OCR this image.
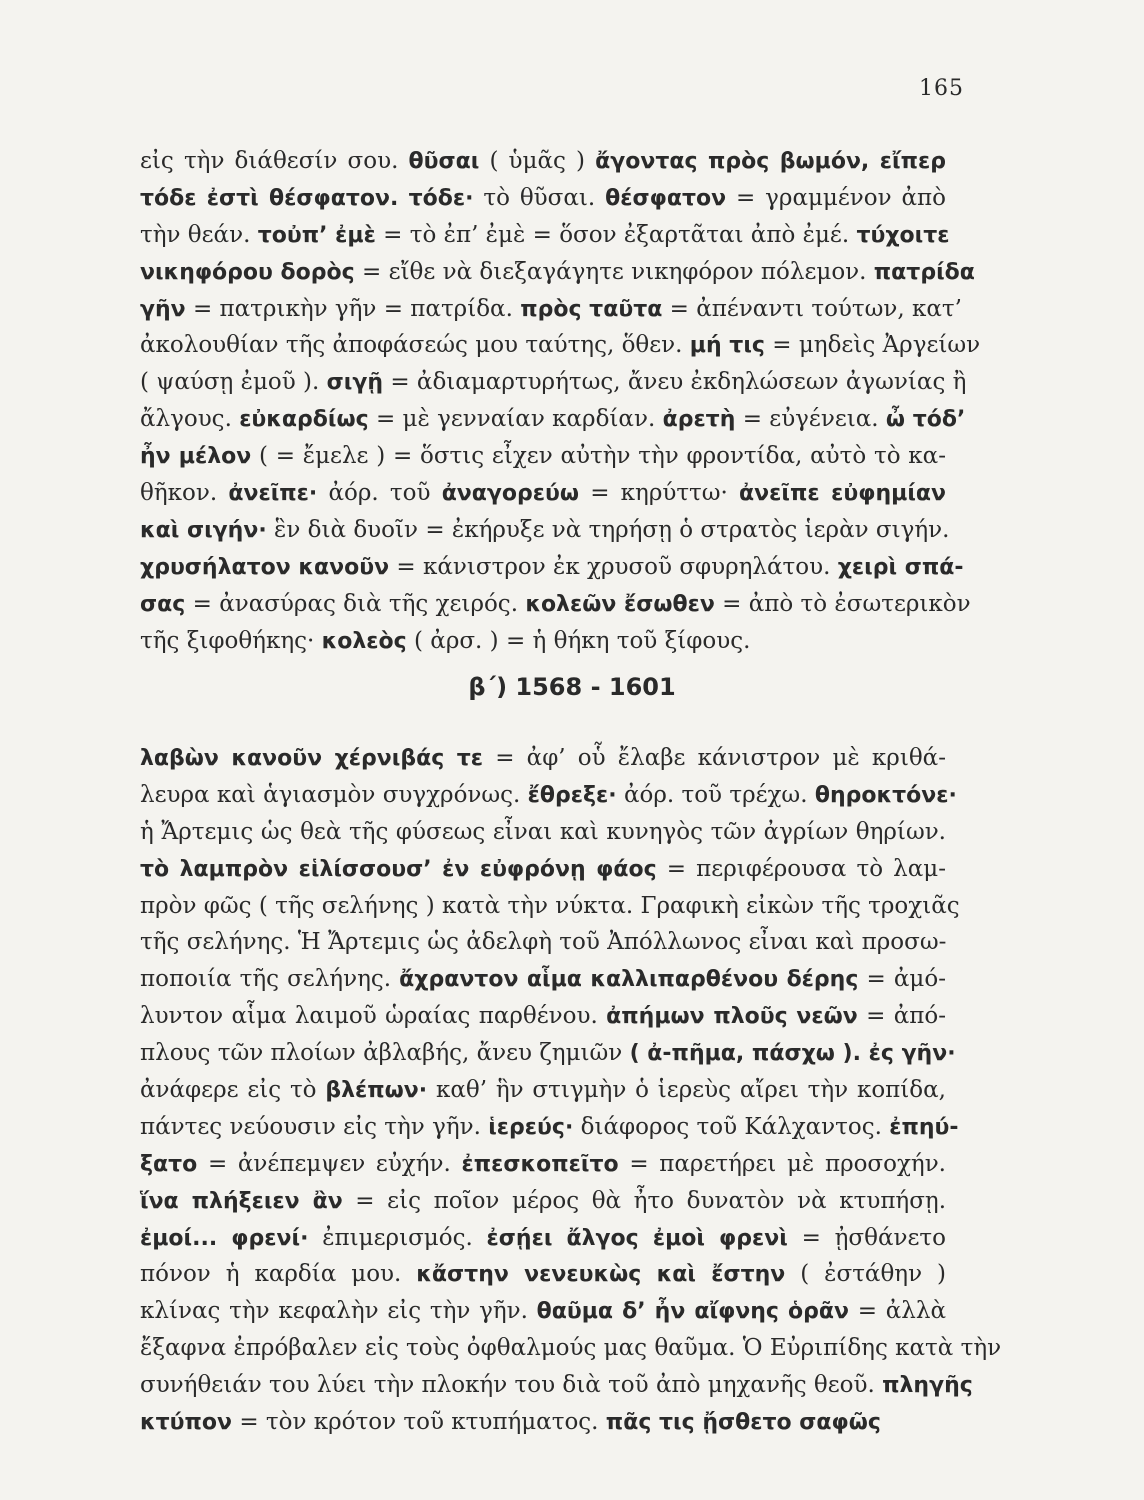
165
εἰς τὴν διάθεσίν σου. θῦσαι ( ὑμᾶς ) ἄγοντας πρὸς βωμόν, εἴπερ
τόδε ἐστὶ θέσφατον. τόδε· τὸ θῦσαι. θέσφατον = γραμμένον ἀπὸ
τὴν θεάν. τοὐπ’ ἐμὲ = τὸ ἐπ’ ἐμὲ = ὅσον ἐξαρτᾶται ἀπὸ ἐμέ. τύχοιτε
νικηφόρου δορὸς = εἴθε νὰ διεξαγάγητε νικηφόρον πόλεμον. πατρίδα
γῆν = πατρικὴν γῆν = πατρίδα. πρὸς ταῦτα = ἀπέναντι τούτων, κατ’
ἀκολουθίαν τῆς ἀποφάσεώς μου ταύτης, ὅθεν. μή τις = μηδεὶς Ἀργείων
( ψαύσῃ ἐμοῦ ). σιγῇ = ἀδιαμαρτυρήτως, ἄνευ ἐκδηλώσεων ἀγωνίας ἢ
ἄλγους. εὐκαρδίως = μὲ γενναίαν καρδίαν. ἀρετὴ = εὐγένεια. ὦ τόδ’
ἦν μέλον ( = ἔμελε ) = ὅστις εἶχεν αὐτὴν τὴν φροντίδα, αὐτὸ τὸ κα-
θῆκον. ἀνεῖπε· ἀόρ. τοῦ ἀναγορεύω = κηρύττω· ἀνεῖπε εὐφημίαν
καὶ σιγήν· ἓν διὰ δυοῖν = ἐκήρυξε νὰ τηρήσῃ ὁ στρατὸς ἱερὰν σιγήν.
χρυσήλατον κανοῦν = κάνιστρον ἐκ χρυσοῦ σφυρηλάτου. χειρὶ σπά-
σας = ἀνασύρας διὰ τῆς χειρός. κολεῶν ἔσωθεν = ἀπὸ τὸ ἐσωτερικὸν
τῆς ξιφοθήκης· κολεὸς ( ἀρσ. ) = ἡ θήκη τοῦ ξίφους.
β΄) 1568 - 1601
λαβὼν κανοῦν χέρνιβάς τε = ἀφ’ οὗ ἔλαβε κάνιστρον μὲ κριθά-
λευρα καὶ ἁγιασμὸν συγχρόνως. ἔθρεξε· ἀόρ. τοῦ τρέχω. θηροκτόνε·
ἡ Ἄρτεμις ὡς θεὰ τῆς φύσεως εἶναι καὶ κυνηγὸς τῶν ἀγρίων θηρίων.
τὸ λαμπρὸν εἱλίσσουσ’ ἐν εὐφρόνῃ φάος = περιφέρουσα τὸ λαμ-
πρὸν φῶς ( τῆς σελήνης ) κατὰ τὴν νύκτα. Γραφικὴ εἰκὼν τῆς τροχιᾶς
τῆς σελήνης. Ἡ Ἄρτεμις ὡς ἀδελφὴ τοῦ Ἀπόλλωνος εἶναι καὶ προσω-
ποποιία τῆς σελήνης. ἄχραντον αἷμα καλλιπαρθένου δέρης = ἀμό-
λυντον αἷμα λαιμοῦ ὡραίας παρθένου. ἀπήμων πλοῦς νεῶν = ἀπό-
πλους τῶν πλοίων ἀβλαβής, ἄνευ ζημιῶν ( ἀ-πῆμα, πάσχω ). ἐς γῆν·
ἀνάφερε εἰς τὸ βλέπων· καθ’ ἣν στιγμὴν ὁ ἱερεὺς αἴρει τὴν κοπίδα,
πάντες νεύουσιν εἰς τὴν γῆν. ἱερεύς· διάφορος τοῦ Κάλχαντος. ἐπηύ-
ξατο = ἀνέπεμψεν εὐχήν. ἐπεσκοπεῖτο = παρετήρει μὲ προσοχήν.
ἵνα πλήξειεν ἂν = εἰς ποῖον μέρος θὰ ἦτο δυνατὸν νὰ κτυπήσῃ.
ἐμοί... φρενί· ἐπιμερισμός. ἐσῄει ἄλγος ἐμοὶ φρενὶ = ᾐσθάνετο
πόνον ἡ καρδία μου. κἄστην νενευκὼς καὶ ἔστην ( ἐστάθην )
κλίνας τὴν κεφαλὴν εἰς τὴν γῆν. θαῦμα δ’ ἦν αἴφνης ὁρᾶν = ἀλλὰ
ἔξαφνα ἐπρόβαλεν εἰς τοὺς ὀφθαλμούς μας θαῦμα. Ὁ Εὐριπίδης κατὰ τὴν
συνήθειάν του λύει τὴν πλοκήν του διὰ τοῦ ἀπὸ μηχανῆς θεοῦ. πληγῆς
κτύπον = τὸν κρότον τοῦ κτυπήματος. πᾶς τις ᾔσθετο σαφῶς
